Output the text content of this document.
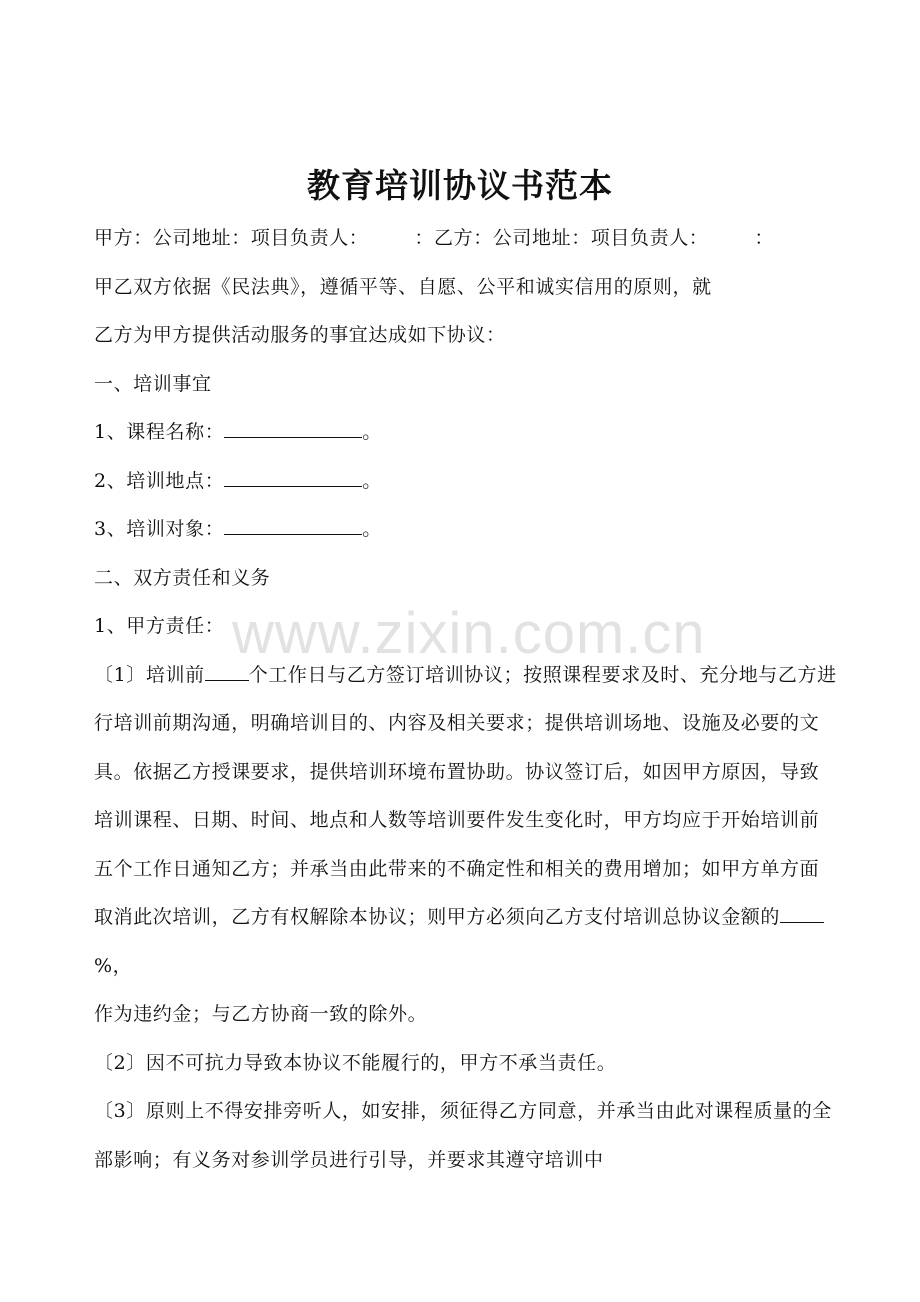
教育培训协议书范本
甲方：公司地址：项目负责人： ：乙方：公司地址：项目负责人： ：
甲乙双方依据《民法典》，遵循平等、自愿、公平和诚实信用的原则，就
乙方为甲方提供活动服务的事宜达成如下协议：
一、培训事宜
1、课程名称：	。
2、培训地点：	。
3、培训对象：	。
二、双方责任和义务
1、甲方责任：
〔1〕培训前 个工作日与乙方签订培训协议；按照课程要求及时、充分地与乙方进行培训前期沟通，明确培训目的、内容及相关要求；提供培训场地、设施及必要的文具。依据乙方授课要求，提供培训环境布置协助。协议签订后，如因甲方原因，导致培训课程、日期、时间、地点和人数等培训要件发生变化时，甲方均应于开始培训前五个工作日通知乙方；并承当由此带来的不确定性和相关的费用增加；如甲方单方面取消此次培训，乙方有权解除本协议；则甲方必须向乙方支付培训总协议金额的%，
作为违约金；与乙方协商一致的除外。
〔2〕因不可抗力导致本协议不能履行的，甲方不承当责任。
〔3〕原则上不得安排旁听人，如安排，须征得乙方同意，并承当由此对课程质量的全部影响；有义务对参训学员进行引导，并要求其遵守培训中
www.zixin.com.cn
